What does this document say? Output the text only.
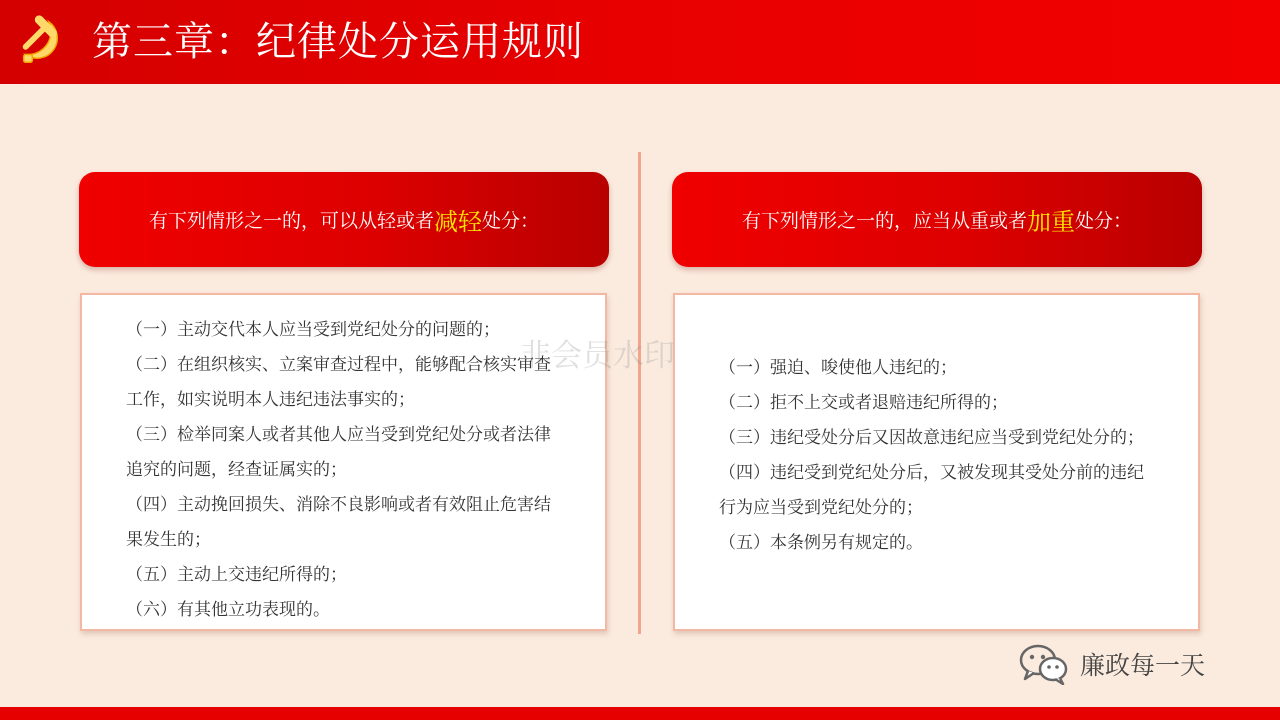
第三章：纪律处分运用规则
有下列情形之一的，可以从轻或者 减轻 处分：	有下列情形之一的，应当从重或者 加重 处分：

（一）主动交代本人应当受到党纪处分的问题的；

（二）在组织核实、立案审查过程中，能够配合核实审查工作，如实说明本人违纪违法事实的；

（三）检举同案人或者其他人应当受到党纪处分或者法律追究的问题，经查证属实的；

（四）主动挽回损失、消除不良影响或者有效阻止危害结果发生的；

（五）主动上交违纪所得的；

（六）有其他立功表现的。

（一）强迫、唆使他人违纪的；

（二）拒不上交或者退赔违纪所得的；

（三）违纪受处分后又因故意违纪应当受到党纪处分的；

（四）违纪受到党纪处分后，又被发现其受处分前的违纪行为应当受到党纪处分的；

（五）本条例另有规定的。

非会员水印
廉政每一天
